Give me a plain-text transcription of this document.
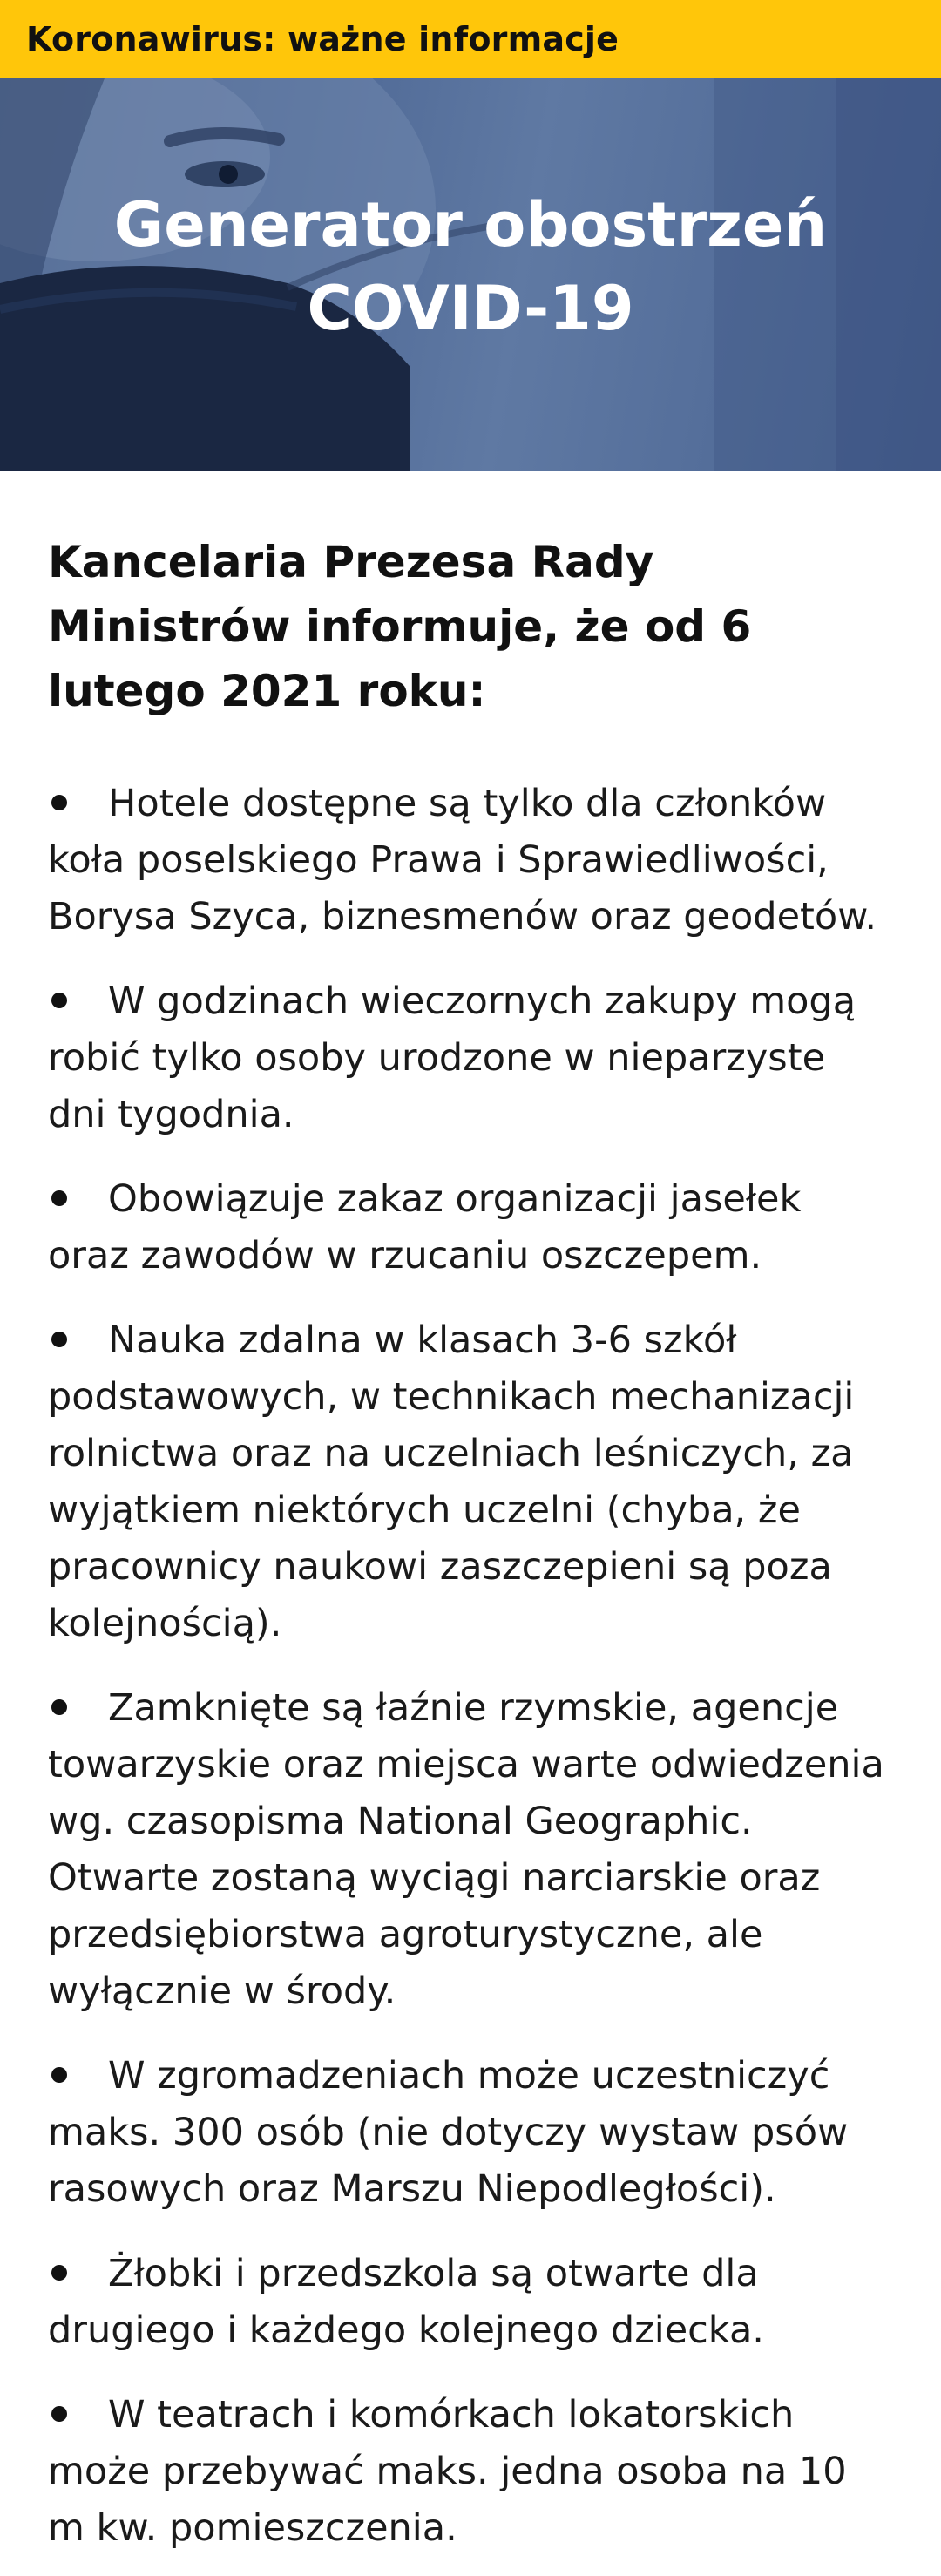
Koronawirus: ważne informacje
Generator obostrzeń
COVID-19
Kancelaria Prezesa Rady Ministrów informuje, że od 6 lutego 2021 roku:
Hotele dostępne są tylko dla członków koła poselskiego Prawa i Sprawiedliwości, Borysa Szyca, biznesmenów oraz geodetów.
W godzinach wieczornych zakupy mogą robić tylko osoby urodzone w nieparzyste dni tygodnia.
Obowiązuje zakaz organizacji jasełek oraz zawodów w rzucaniu oszczepem.
Nauka zdalna w klasach 3-6 szkół podstawowych, w technikach mechanizacji rolnictwa oraz na uczelniach leśniczych, za wyjątkiem niektórych uczelni (chyba, że pracownicy naukowi zaszczepieni są poza kolejnością).
Zamknięte są łaźnie rzymskie, agencje towarzyskie oraz miejsca warte odwiedzenia wg. czasopisma National Geographic. Otwarte zostaną wyciągi narciarskie oraz przedsiębiorstwa agroturystyczne, ale wyłącznie w środy.
W zgromadzeniach może uczestniczyć maks. 300 osób (nie dotyczy wystaw psów rasowych oraz Marszu Niepodległości).
Żłobki i przedszkola są otwarte dla drugiego i każdego kolejnego dziecka.
W teatrach i komórkach lokatorskich może przebywać maks. jedna osoba na 10 m kw. pomieszczenia.
